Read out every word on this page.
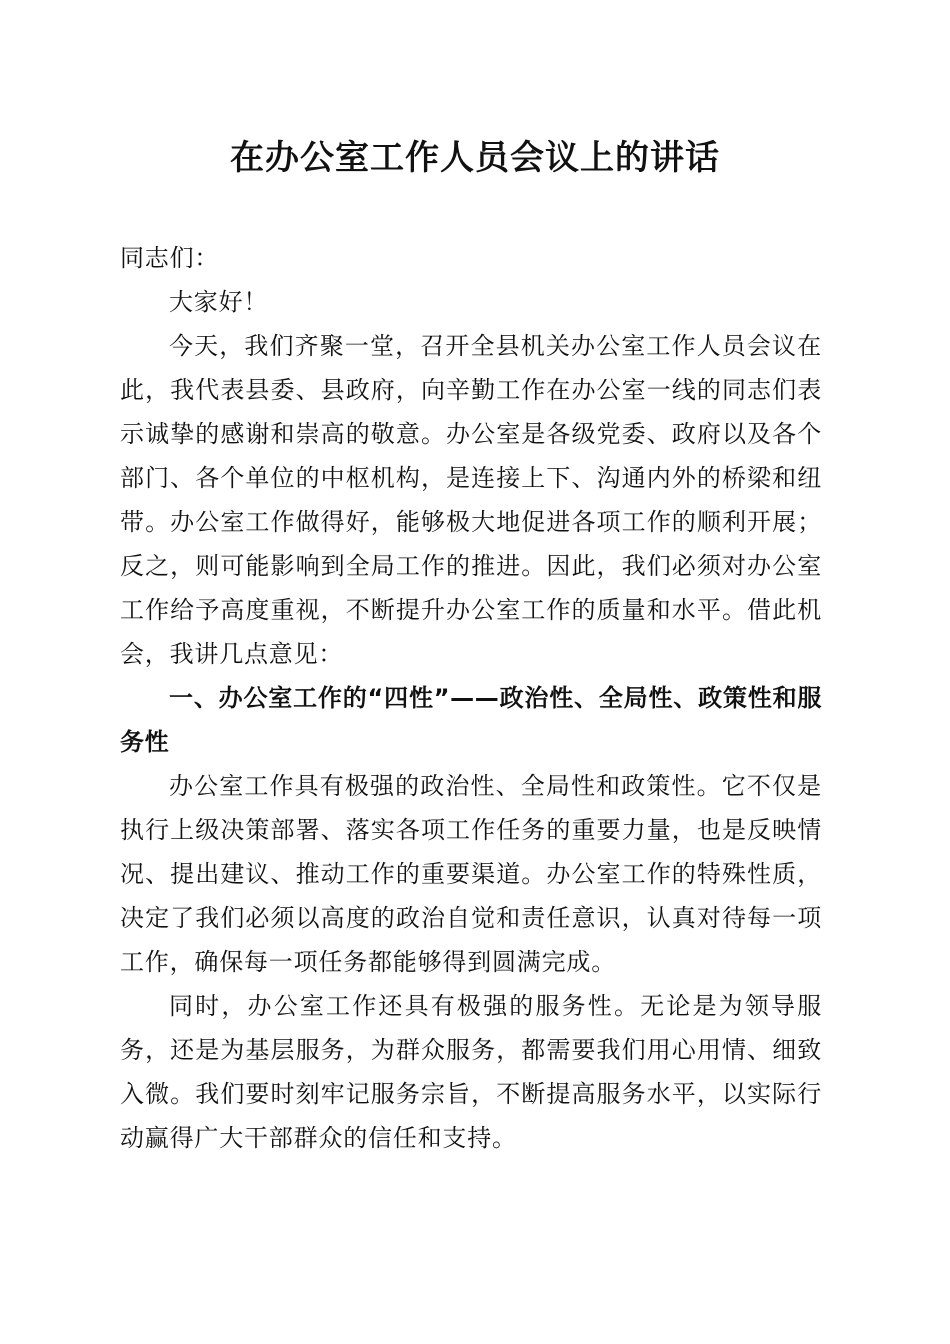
在办公室工作人员会议上的讲话

同志们：

大家好！

今天，我们齐聚一堂，召开全县机关办公室工作人员会议在此，我代表县委、县政府，向辛勤工作在办公室一线的同志们表示诚挚的感谢和崇高的敬意。办公室是各级党委、政府以及各个部门、各个单位的中枢机构，是连接上下、沟通内外的桥梁和纽带。办公室工作做得好，能够极大地促进各项工作的顺利开展；反之，则可能影响到全局工作的推进。因此，我们必须对办公室工作给予高度重视，不断提升办公室工作的质量和水平。借此机会，我讲几点意见：

一、办公室工作的“四性”——政治性、全局性、政策性和服务性

办公室工作具有极强的政治性、全局性和政策性。它不仅是执行上级决策部署、落实各项工作任务的重要力量，也是反映情况、提出建议、推动工作的重要渠道。办公室工作的特殊性质，决定了我们必须以高度的政治自觉和责任意识，认真对待每一项工作，确保每一项任务都能够得到圆满完成。

同时，办公室工作还具有极强的服务性。无论是为领导服务，还是为基层服务，为群众服务，都需要我们用心用情、细致入微。我们要时刻牢记服务宗旨，不断提高服务水平，以实际行动赢得广大干部群众的信任和支持。
